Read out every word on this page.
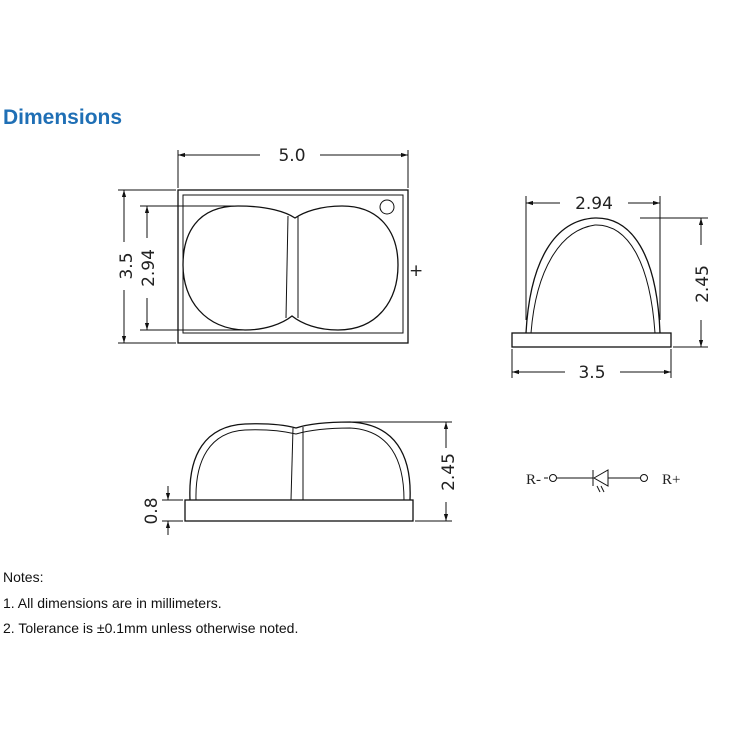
Dimensions
+
5.0
3.5 2.94
2.94
2.45
3.5
2.45
0.8
R-	R+
Notes:
1. All dimensions are in millimeters.
2. Tolerance is ±0.1mm unless otherwise noted.
